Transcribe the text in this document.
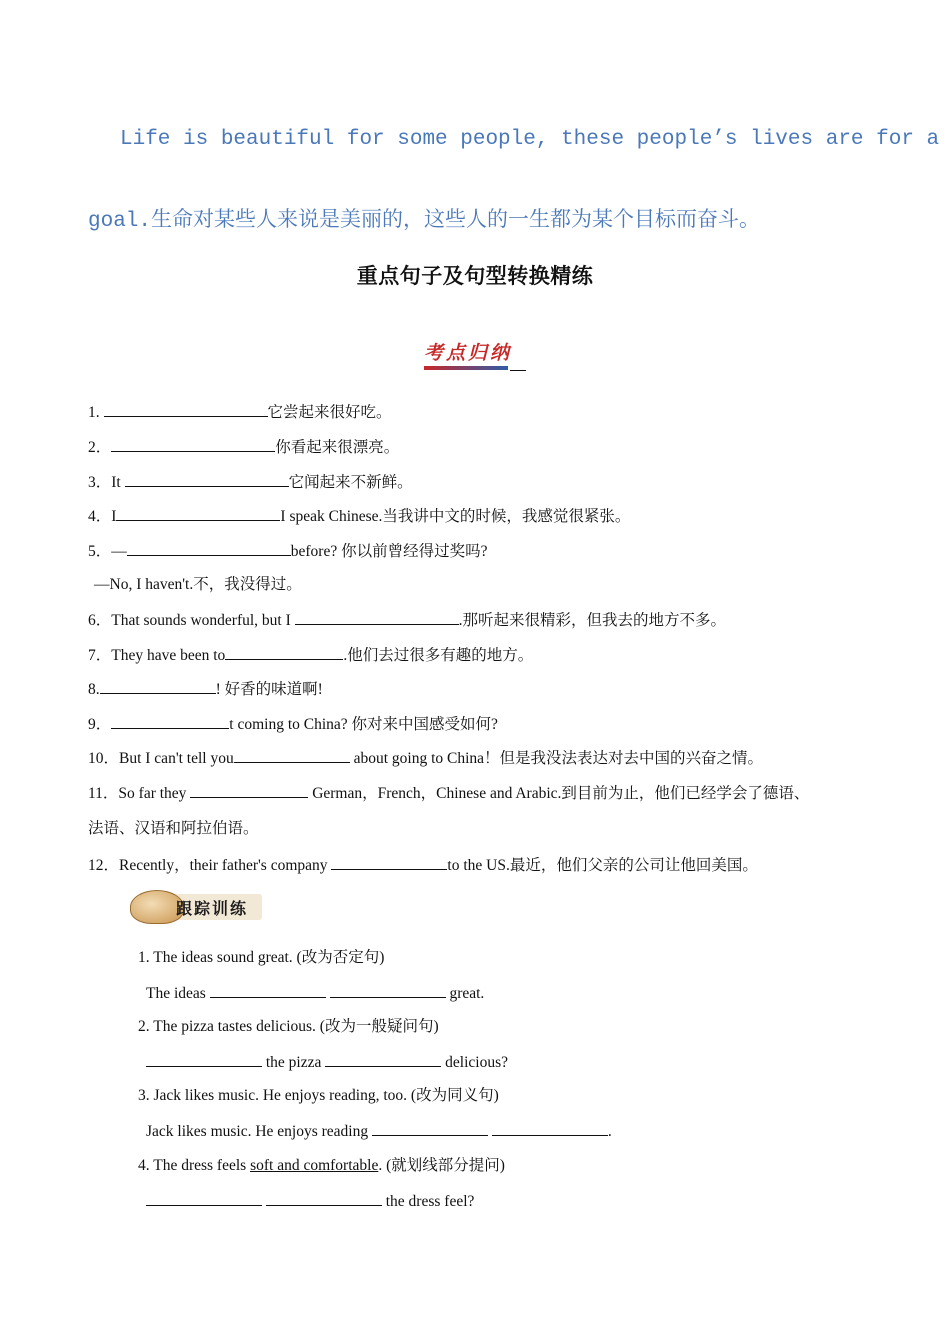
Life is beautiful for some people, these people’s lives are for a
goal.生命对某些人来说是美丽的，这些人的一生都为某个目标而奋斗。
重点句子及句型转换精练
考点归纳
1.	它尝起来很好吃。
2．	你看起来很漂亮。
3．It	它闻起来不新鲜。
4．I	I speak Chinese.当我讲中文的时候，我感觉很紧张。
5．—	before? 你以前曾经得过奖吗?
—No, I haven't.不，我没得过。
6．That sounds wonderful, but I	.那听起来很精彩，但我去的地方不多。
7．They have been to	.他们去过很多有趣的地方。
8.	! 好香的味道啊!
9．	t coming to China? 你对来中国感受如何?
10．But I can't tell you	about going to China！但是我没法表达对去中国的兴奋之情。
11．So far they	German，French，Chinese and Arabic.到目前为止，他们已经学会了德语、
法语、汉语和阿拉伯语。
12．Recently，their father's company	to the US.最近，他们父亲的公司让他回美国。
跟踪训练
1. The ideas sound great. (改为否定句)
The ideas	great.
2. The pizza tastes delicious. (改为一般疑问句)
the pizza	delicious?
3. Jack likes music. He enjoys reading, too. (改为同义句)
Jack likes music. He enjoys reading	.
4. The dress feels soft and comfortable. (就划线部分提问)
the dress feel?
